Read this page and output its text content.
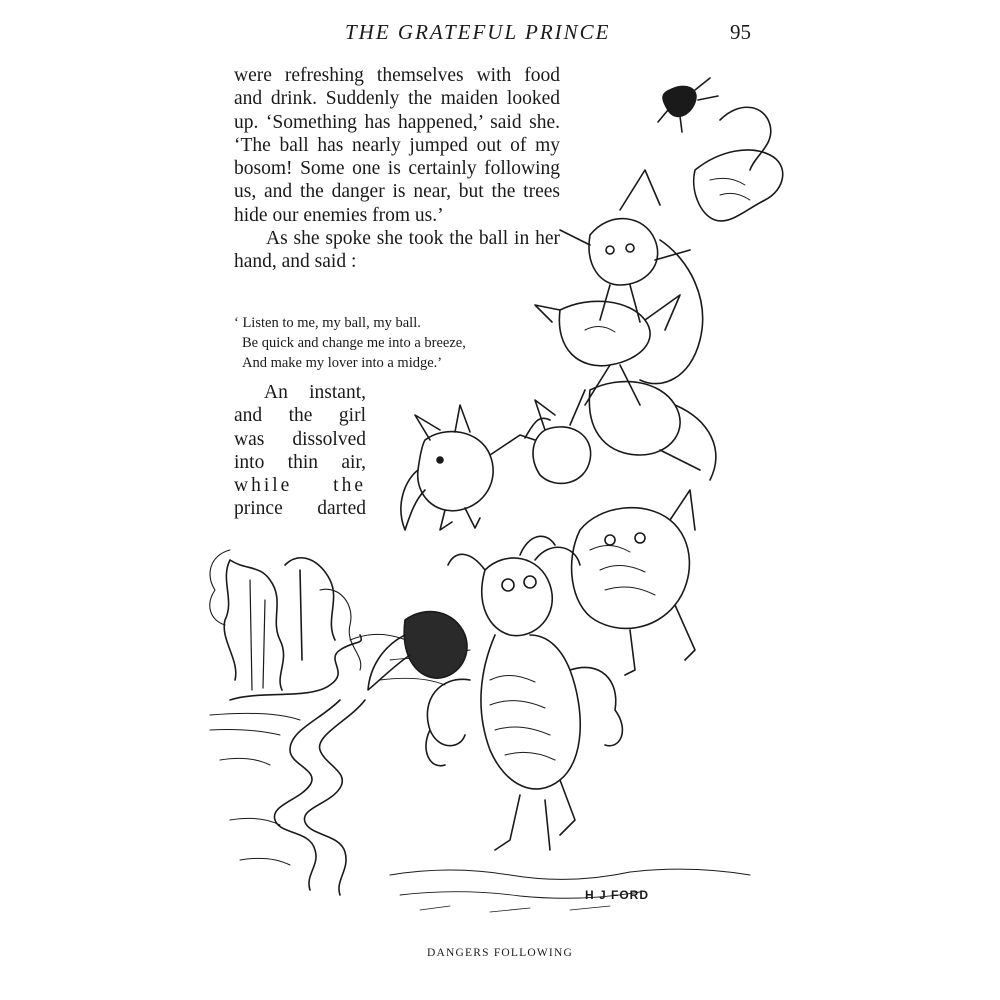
THE GRATEFUL PRINCE	95

were refreshing themselves with food and drink. Suddenly the maiden looked up. ‘Something has happened,’ said she. ‘The ball has nearly jumped out of my bosom! Some one is certainly following us, and the danger is near, but the trees hide our enemies from us.’

As she spoke she took the ball in her hand, and said :

‘ Listen to me, my ball, my ball.
Be quick and change me into a breeze,
And make my lover into a midge.’
An instant,
and the girl
was dissolved
into thin air,
while the
prince darted
H J FORD
DANGERS FOLLOWING
